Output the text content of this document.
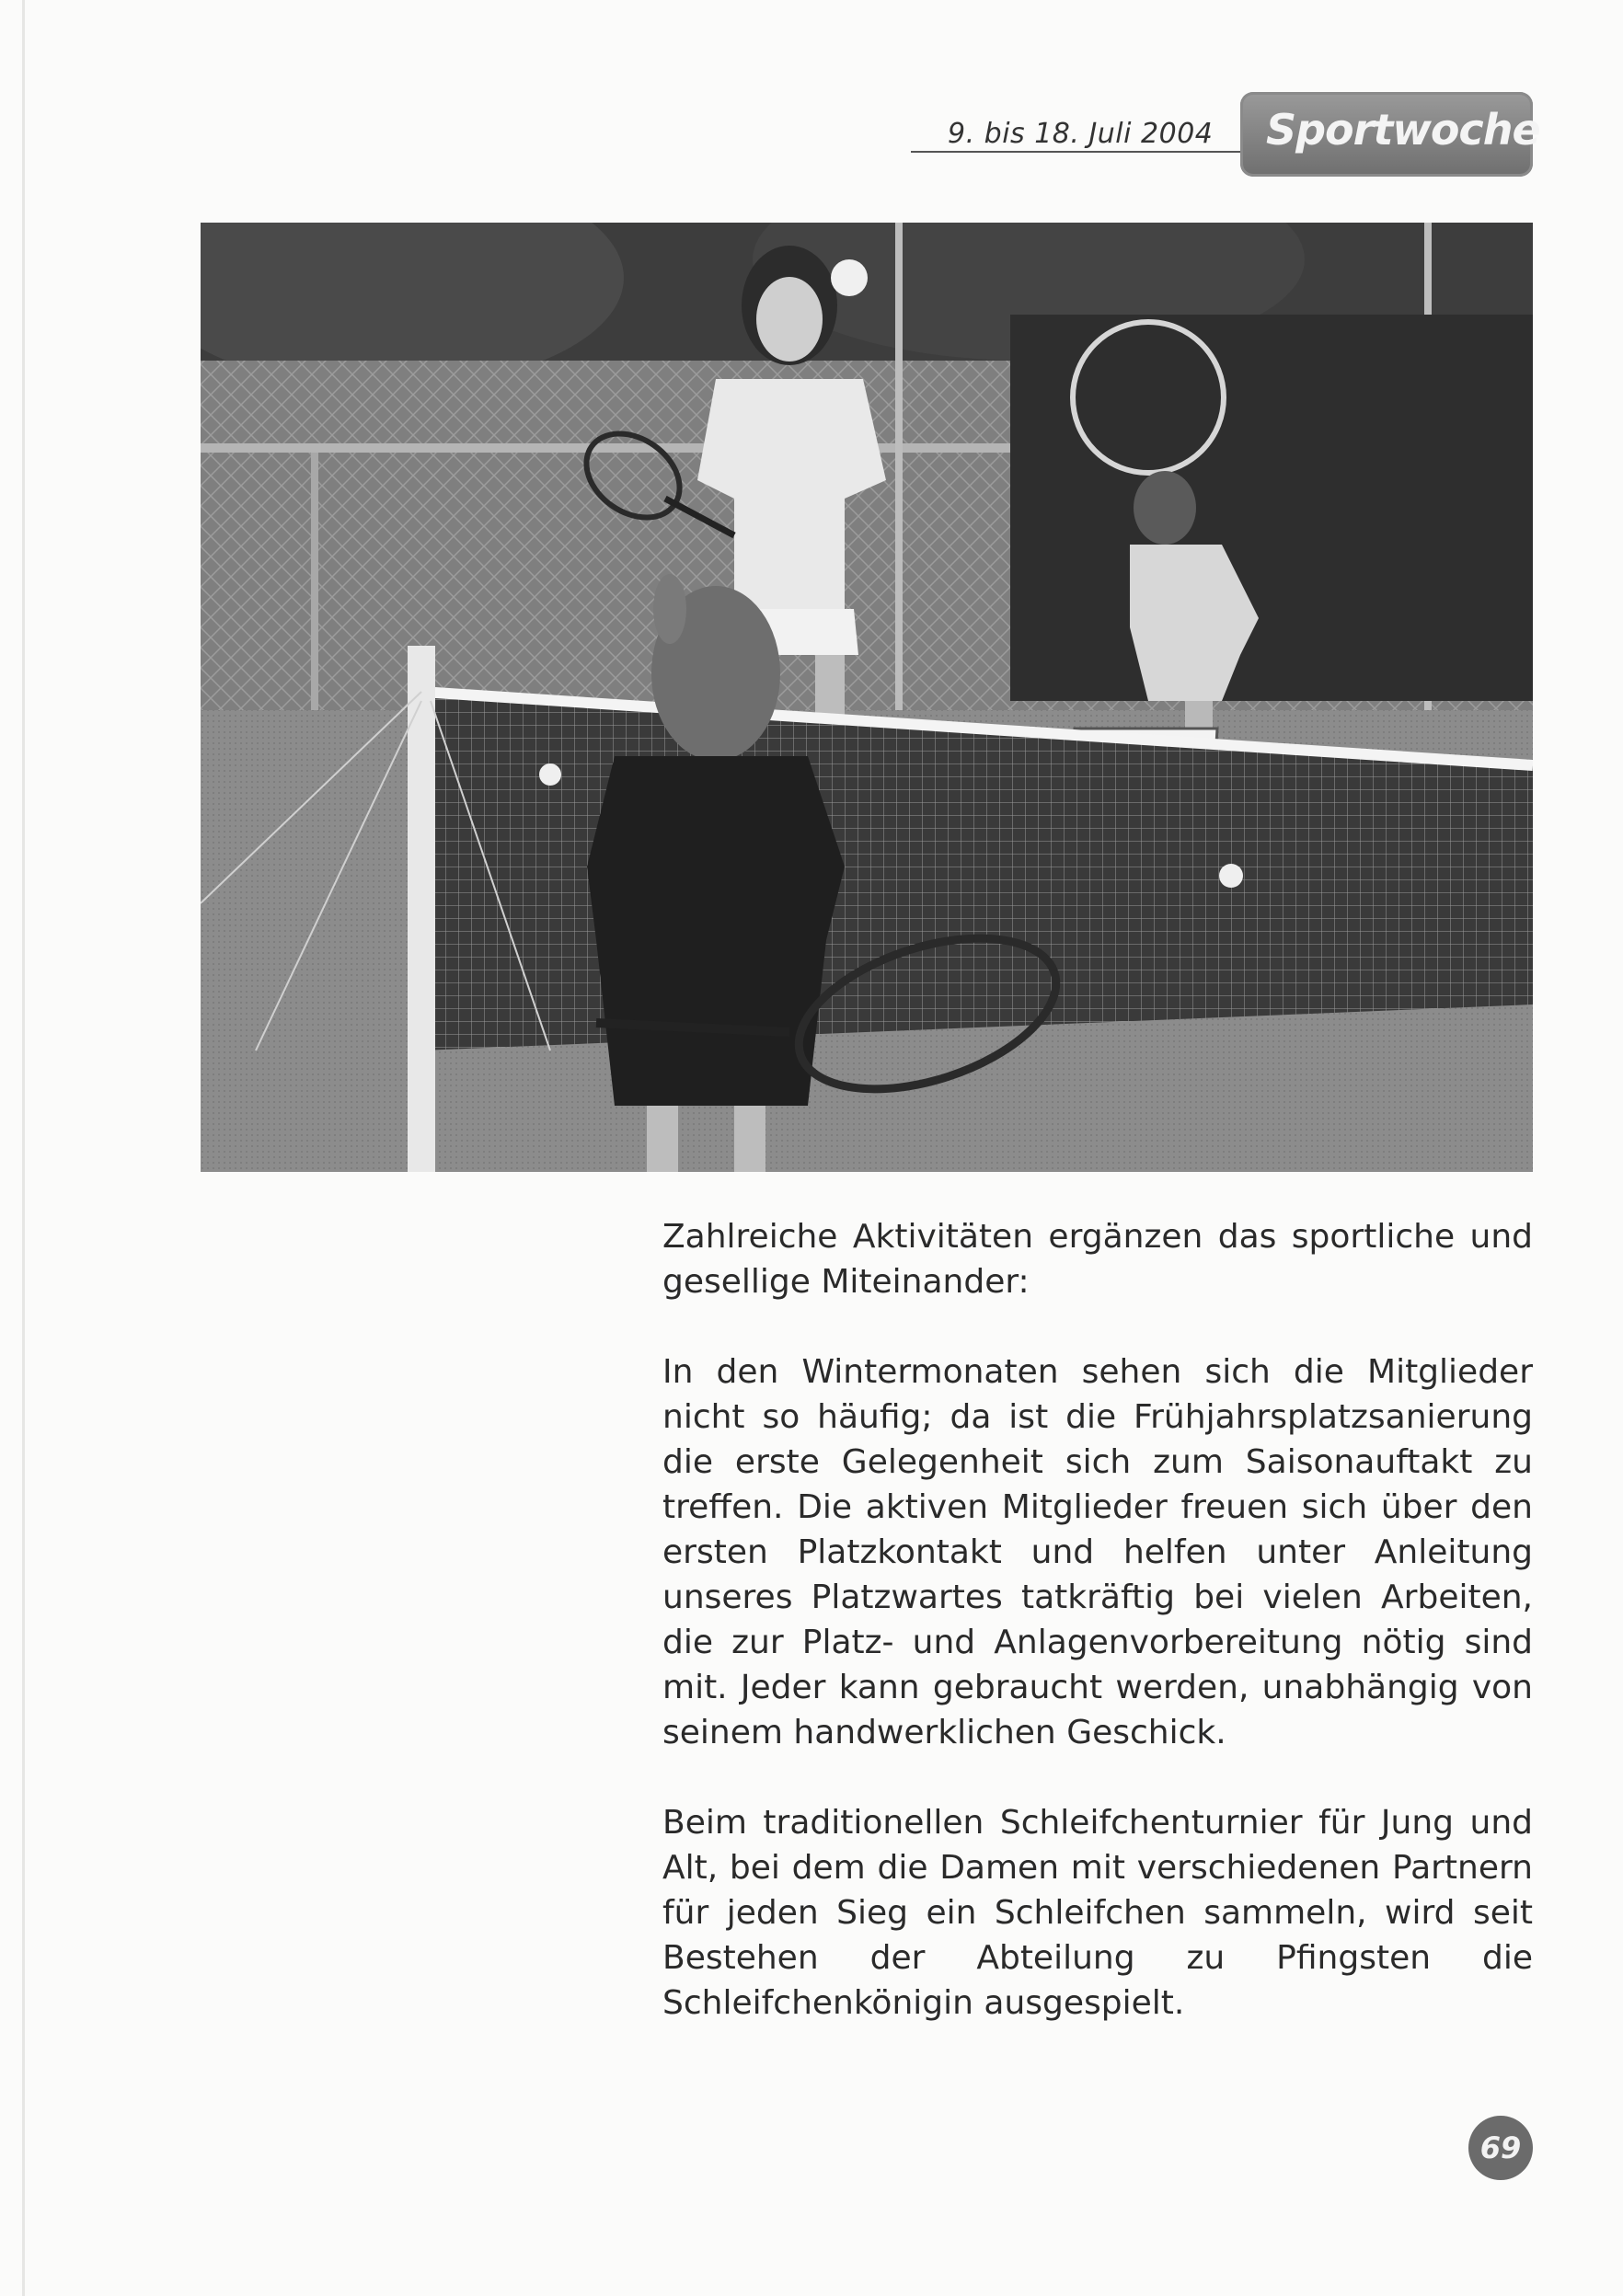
9. bis 18. Juli 2004 Sportwoche

Zahlreiche Aktivitäten ergänzen das sportliche und gesellige Miteinander:

In den Wintermonaten sehen sich die Mitglieder nicht so häufig; da ist die Frühjahrsplatzsanierung die erste Gelegenheit sich zum Saisonauftakt zu treffen. Die aktiven Mitglieder freuen sich über den ersten Platzkontakt und helfen unter Anleitung unseres Platzwartes tatkräftig bei vielen Arbeiten, die zur Platz- und Anlagenvorbereitung nötig sind mit. Jeder kann gebraucht werden, unabhängig von seinem handwerklichen Geschick.

Beim traditionellen Schleifchenturnier für Jung und Alt, bei dem die Damen mit verschiedenen Partnern für jeden Sieg ein Schleifchen sammeln, wird seit Bestehen der Abteilung zu Pfingsten die Schleifchenkönigin ausgespielt.

69
